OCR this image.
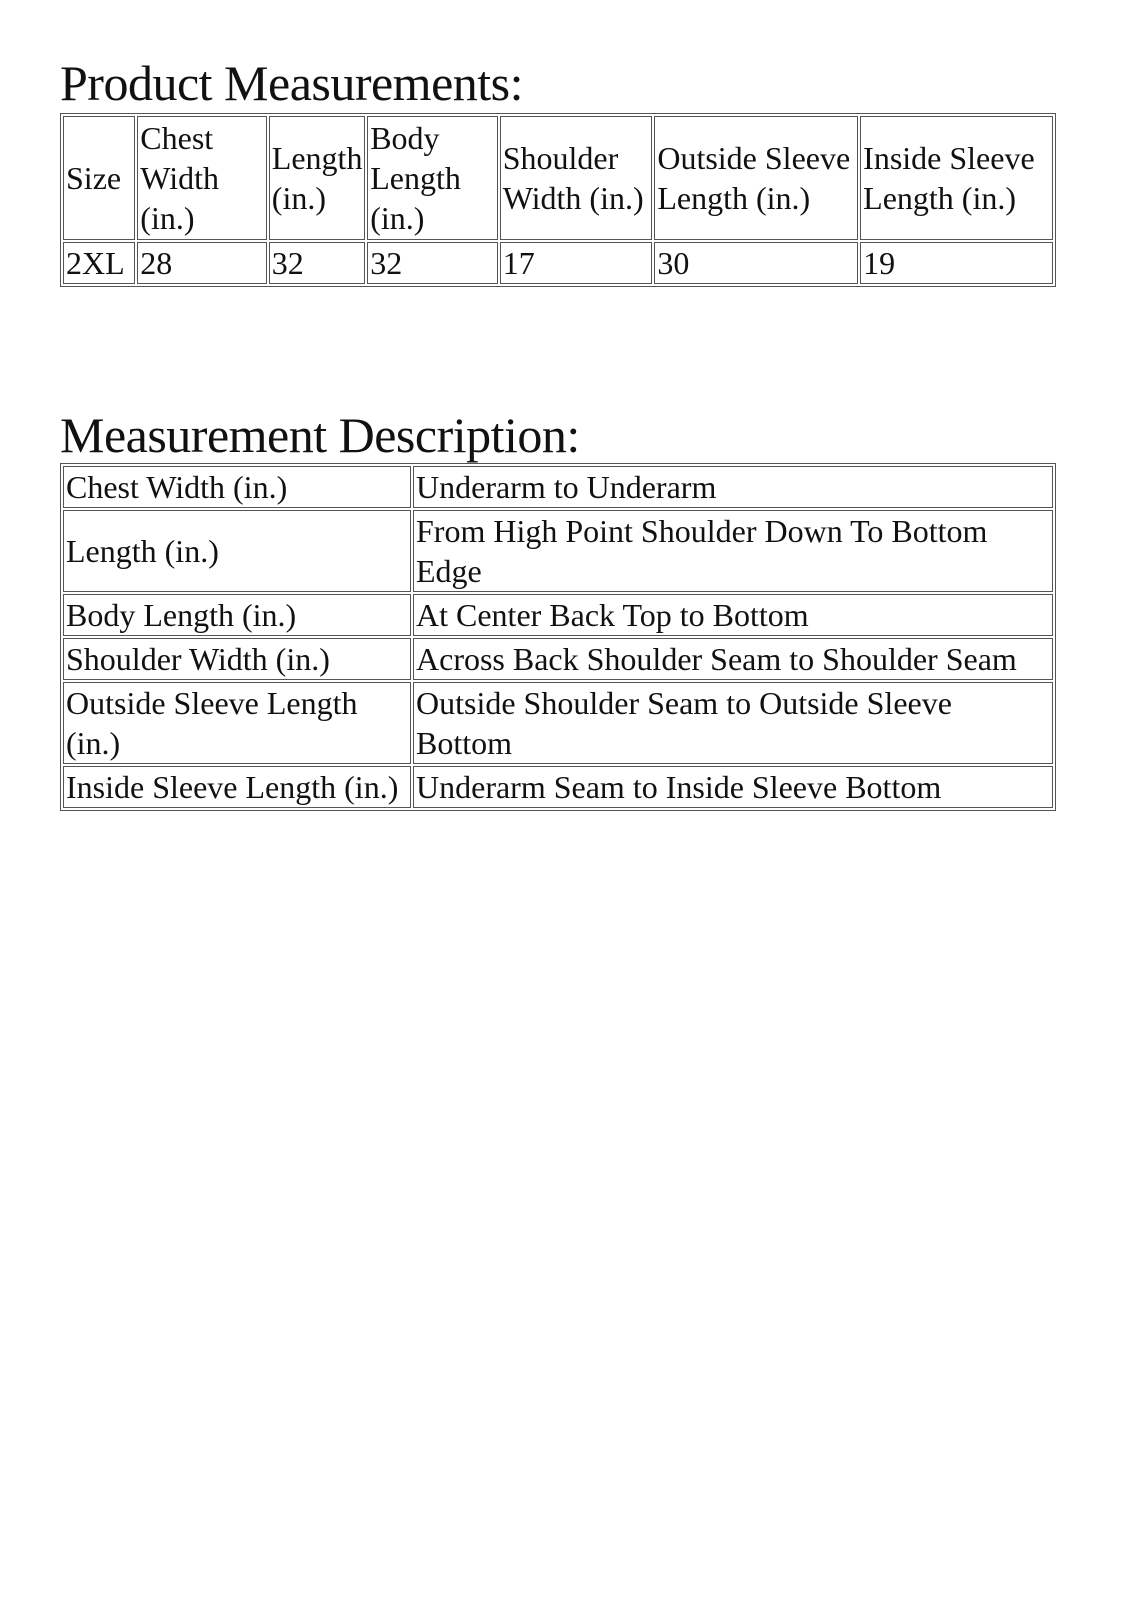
Product Measurements:
Size	Chest Width (in.)	Length (in.)	Body Length (in.)	Shoulder Width (in.)	Outside Sleeve Length (in.)	Inside Sleeve Length (in.)
2XL	28	32	32	17	30	19
Measurement Description:
Chest Width (in.)	Underarm to Underarm
Length (in.)	From High Point Shoulder Down To Bottom Edge
Body Length (in.)	At Center Back Top to Bottom
Shoulder Width (in.)	Across Back Shoulder Seam to Shoulder Seam
Outside Sleeve Length (in.)	Outside Shoulder Seam to Outside Sleeve Bottom
Inside Sleeve Length (in.)	Underarm Seam to Inside Sleeve Bottom
